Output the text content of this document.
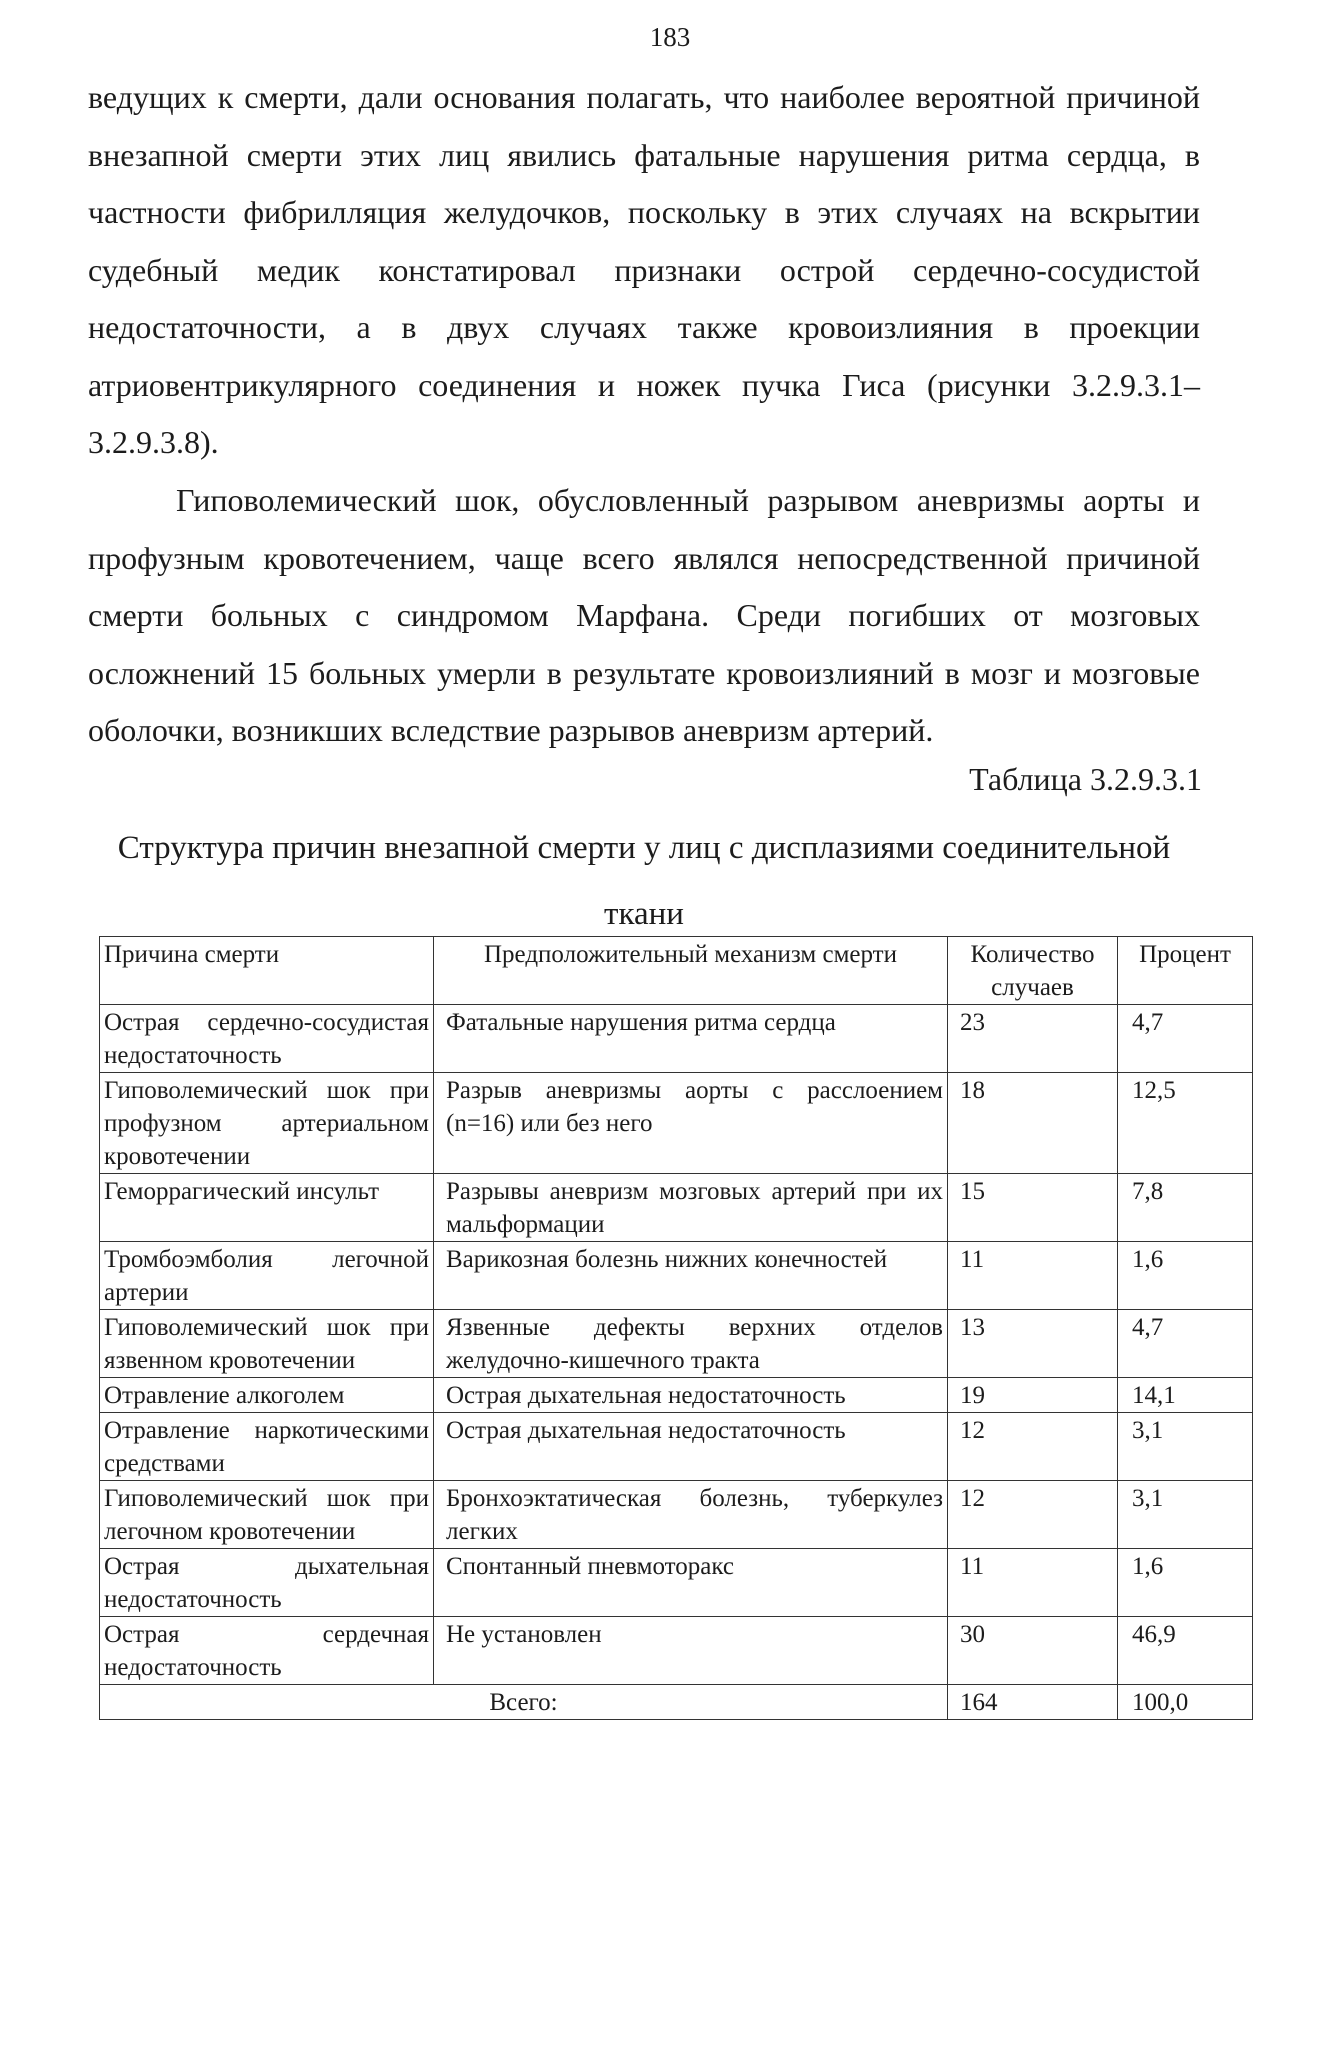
183

ведущих к смерти, дали основания полагать, что наиболее вероятной причиной внезапной смерти этих лиц явились фатальные нарушения ритма сердца, в частности фибрилляция желудочков, поскольку в этих случаях на вскрытии судебный медик констатировал признаки острой сердечно-сосудистой недостаточности, а в двух случаях также кровоизлияния в проекции атриовентрикулярного соединения и ножек пучка Гиса (рисунки 3.2.9.3.1–3.2.9.3.8).

Гиповолемический шок, обусловленный разрывом аневризмы аорты и профузным кровотечением, чаще всего являлся непосредственной причиной смерти больных с синдромом Марфана. Среди погибших от мозговых осложнений 15 больных умерли в результате кровоизлияний в мозг и мозговые оболочки, возникших вследствие разрывов аневризм артерий.

Таблица 3.2.9.3.1
Структура причин внезапной смерти у лиц с дисплазиями соединительной ткани
Причина смерти	Предположительный механизм смерти	Количество случаев	Процент
Острая сердечно-сосудистая недостаточность	Фатальные нарушения ритма сердца	23	4,7
Гиповолемический шок при профузном артериальном кровотечении	Разрыв аневризмы аорты с расслоением (n=16) или без него	18	12,5
Геморрагический инсульт	Разрывы аневризм мозговых артерий при их мальформации	15	7,8
Тромбоэмболия легочной артерии	Варикозная болезнь нижних конечностей	11	1,6
Гиповолемический шок при язвенном кровотечении	Язвенные дефекты верхних отделов желудочно-кишечного тракта	13	4,7
Отравление алкоголем	Острая дыхательная недостаточность	19	14,1
Отравление наркотическими средствами	Острая дыхательная недостаточность	12	3,1
Гиповолемический шок при легочном кровотечении	Бронхоэктатическая болезнь, туберкулез легких	12	3,1
Острая дыхательная недостаточность	Спонтанный пневмоторакс	11	1,6
Острая сердечная недостаточность	Не установлен	30	46,9
Всего:		164	100,0
